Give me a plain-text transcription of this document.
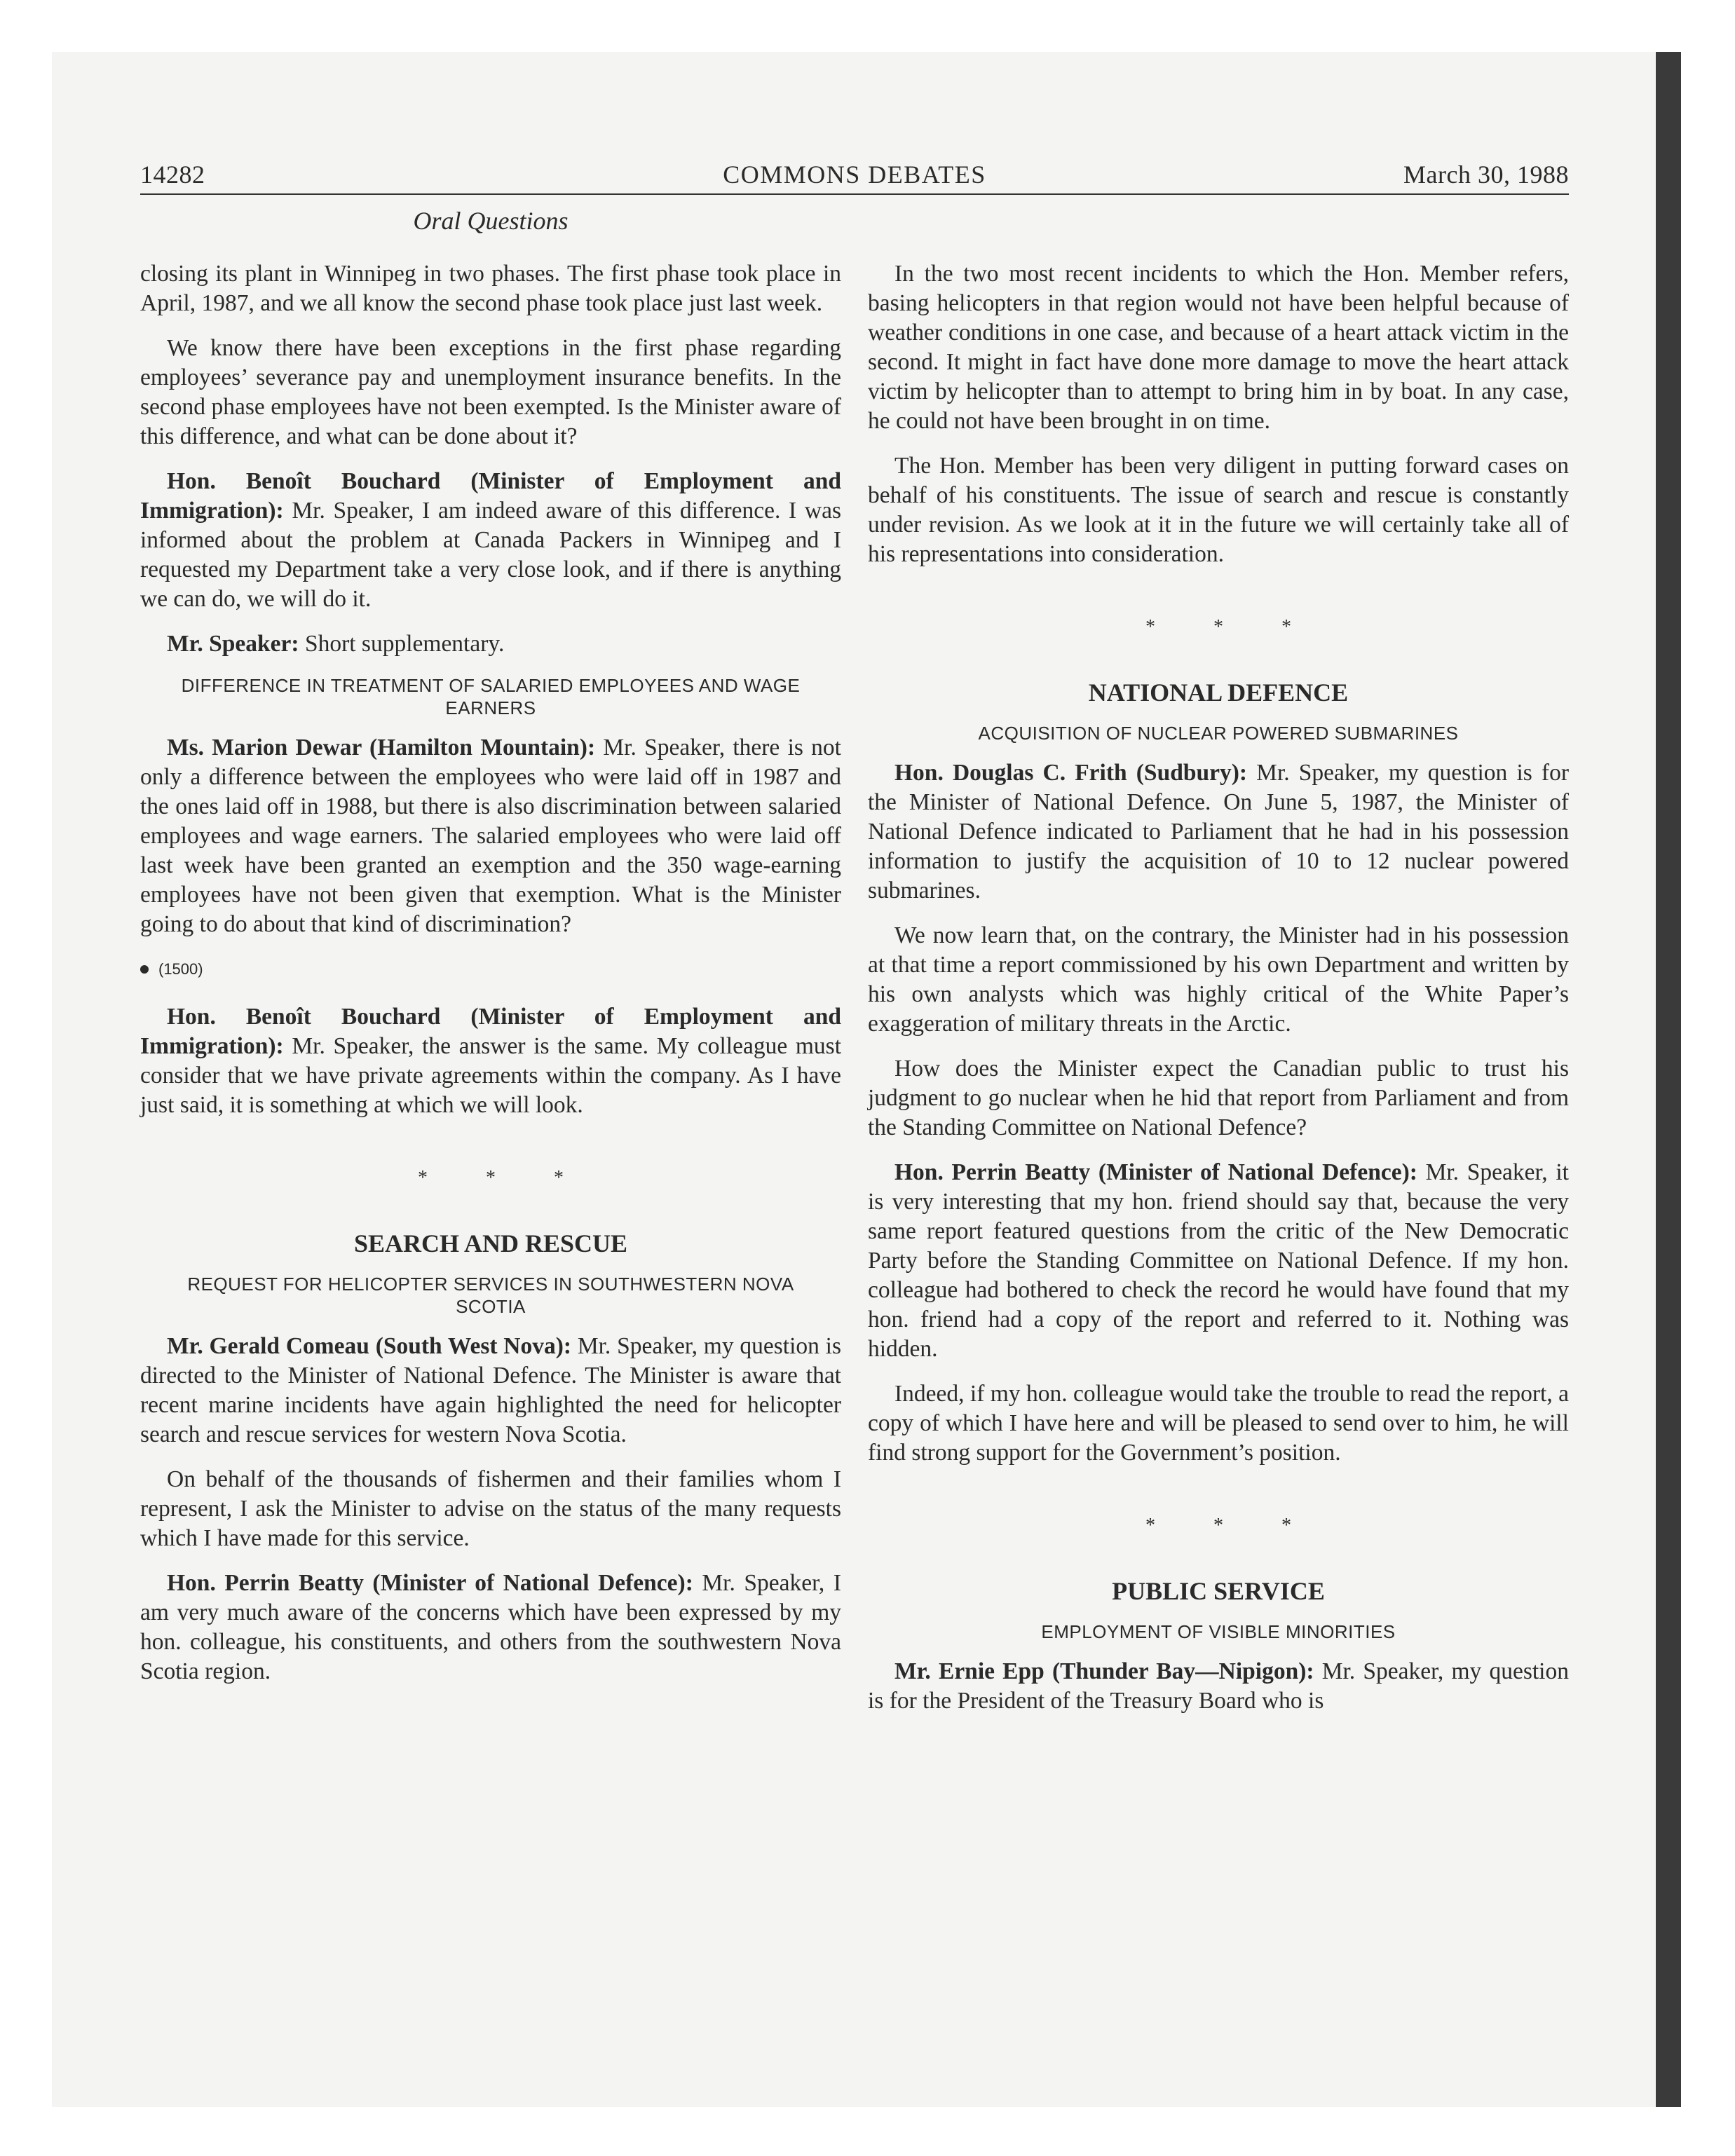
COMMONS DEBATES
14282	March 30, 1988
Oral Questions

closing its plant in Winnipeg in two phases. The first phase took place in April, 1987, and we all know the second phase took place just last week.

We know there have been exceptions in the first phase regarding employees’ severance pay and unemployment insurance benefits. In the second phase employees have not been exempted. Is the Minister aware of this difference, and what can be done about it?

Hon. Benoît Bouchard (Minister of Employment and Immigration): Mr. Speaker, I am indeed aware of this difference. I was informed about the problem at Canada Packers in Winnipeg and I requested my Department take a very close look, and if there is anything we can do, we will do it.

Mr. Speaker: Short supplementary.

DIFFERENCE IN TREATMENT OF SALARIED EMPLOYEES AND WAGE EARNERS

Ms. Marion Dewar (Hamilton Mountain): Mr. Speaker, there is not only a difference between the employees who were laid off in 1987 and the ones laid off in 1988, but there is also discrimination between salaried employees and wage earners. The salaried employees who were laid off last week have been granted an exemption and the 350 wage-earning employees have not been given that exemption. What is the Minister going to do about that kind of discrimination?

(1500)

Hon. Benoît Bouchard (Minister of Employment and Immigration): Mr. Speaker, the answer is the same. My colleague must consider that we have private agreements within the company. As I have just said, it is something at which we will look.

* * *
SEARCH AND RESCUE
REQUEST FOR HELICOPTER SERVICES IN SOUTHWESTERN NOVA SCOTIA

Mr. Gerald Comeau (South West Nova): Mr. Speaker, my question is directed to the Minister of National Defence. The Minister is aware that recent marine incidents have again highlighted the need for helicopter search and rescue services for western Nova Scotia.

On behalf of the thousands of fishermen and their families whom I represent, I ask the Minister to advise on the status of the many requests which I have made for this service.

Hon. Perrin Beatty (Minister of National Defence): Mr. Speaker, I am very much aware of the concerns which have been expressed by my hon. colleague, his constituents, and others from the southwestern Nova Scotia region.

In the two most recent incidents to which the Hon. Member refers, basing helicopters in that region would not have been helpful because of weather conditions in one case, and because of a heart attack victim in the second. It might in fact have done more damage to move the heart attack victim by helicopter than to attempt to bring him in by boat. In any case, he could not have been brought in on time.

The Hon. Member has been very diligent in putting forward cases on behalf of his constituents. The issue of search and rescue is constantly under revision. As we look at it in the future we will certainly take all of his representations into consideration.

* * *
NATIONAL DEFENCE
ACQUISITION OF NUCLEAR POWERED SUBMARINES

Hon. Douglas C. Frith (Sudbury): Mr. Speaker, my question is for the Minister of National Defence. On June 5, 1987, the Minister of National Defence indicated to Parliament that he had in his possession information to justify the acquisition of 10 to 12 nuclear powered submarines.

We now learn that, on the contrary, the Minister had in his possession at that time a report commissioned by his own Department and written by his own analysts which was highly critical of the White Paper’s exaggeration of military threats in the Arctic.

How does the Minister expect the Canadian public to trust his judgment to go nuclear when he hid that report from Parliament and from the Standing Committee on National Defence?

Hon. Perrin Beatty (Minister of National Defence): Mr. Speaker, it is very interesting that my hon. friend should say that, because the very same report featured questions from the critic of the New Democratic Party before the Standing Committee on National Defence. If my hon. colleague had bothered to check the record he would have found that my hon. friend had a copy of the report and referred to it. Nothing was hidden.

Indeed, if my hon. colleague would take the trouble to read the report, a copy of which I have here and will be pleased to send over to him, he will find strong support for the Government’s position.

* * *
PUBLIC SERVICE
EMPLOYMENT OF VISIBLE MINORITIES

Mr. Ernie Epp (Thunder Bay—Nipigon): Mr. Speaker, my question is for the President of the Treasury Board who is
